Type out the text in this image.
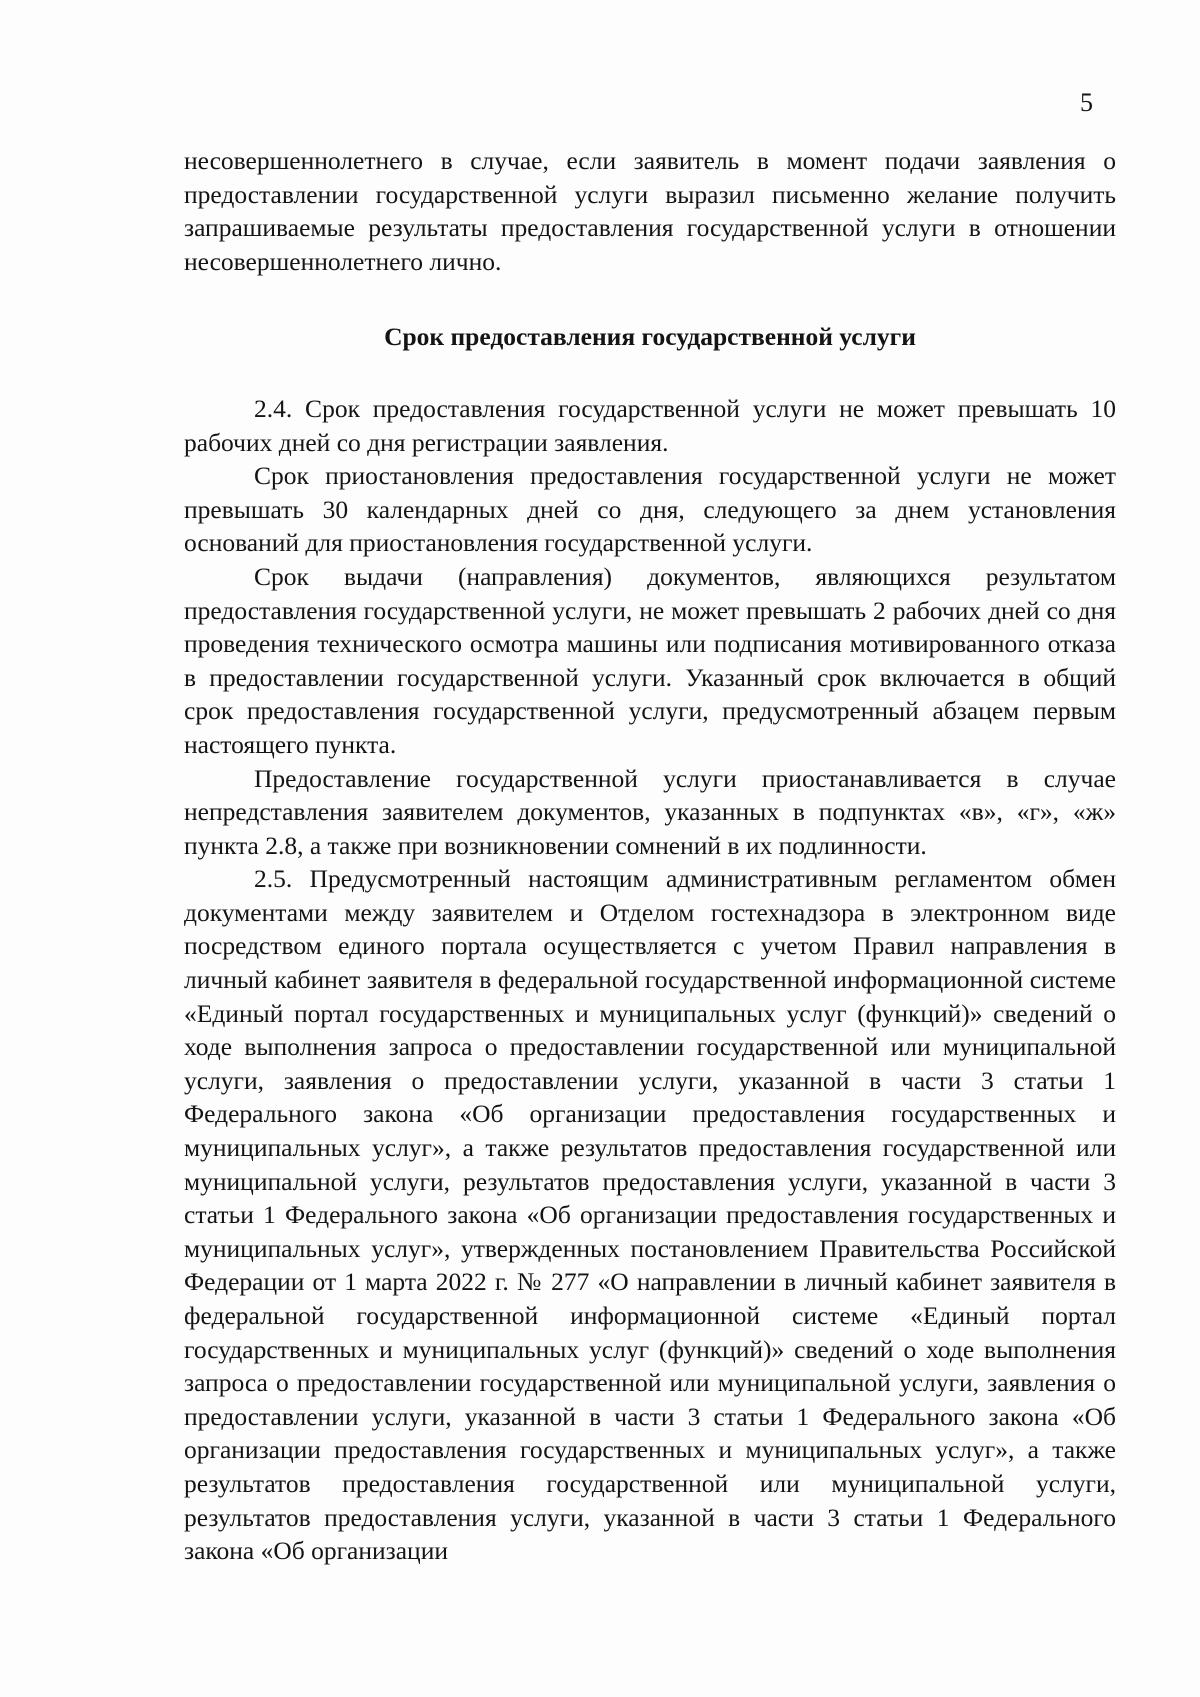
5

несовершеннолетнего в случае, если заявитель в момент подачи заявления о предоставлении государственной услуги выразил письменно желание получить запрашиваемые результаты предоставления государственной услуги в отношении несовершеннолетнего лично.

Срок предоставления государственной услуги

2.4. Срок предоставления государственной услуги не может превышать 10 рабочих дней со дня регистрации заявления.

Срок приостановления предоставления государственной услуги не может превышать 30 календарных дней со дня, следующего за днем установления оснований для приостановления государственной услуги.

Срок выдачи (направления) документов, являющихся результатом предоставления государственной услуги, не может превышать 2 рабочих дней со дня проведения технического осмотра машины или подписания мотивированного отказа в предоставлении государственной услуги. Указанный срок включается в общий срок предоставления государственной услуги, предусмотренный абзацем первым настоящего пункта.

Предоставление государственной услуги приостанавливается в случае непредставления заявителем документов, указанных в подпунктах «в», «г», «ж» пункта 2.8, а также при возникновении сомнений в их подлинности.

2.5. Предусмотренный настоящим административным регламентом обмен документами между заявителем и Отделом гостехнадзора в электронном виде посредством единого портала осуществляется с учетом Правил направления в личный кабинет заявителя в федеральной государственной информационной системе «Единый портал государственных и муниципальных услуг (функций)» сведений о ходе выполнения запроса о предоставлении государственной или муниципальной услуги, заявления о предоставлении услуги, указанной в части 3 статьи 1 Федерального закона «Об организации предоставления государственных и муниципальных услуг», а также результатов предоставления государственной или муниципальной услуги, результатов предоставления услуги, указанной в части 3 статьи 1 Федерального закона «Об организации предоставления государственных и муниципальных услуг», утвержденных постановлением Правительства Российской Федерации от 1 марта 2022 г. № 277 «О направлении в личный кабинет заявителя в федеральной государственной информационной системе «Единый портал государственных и муниципальных услуг (функций)» сведений о ходе выполнения запроса о предоставлении государственной или муниципальной услуги, заявления о предоставлении услуги, указанной в части 3 статьи 1 Федерального закона «Об организации предоставления государственных и муниципальных услуг», а также результатов предоставления государственной или муниципальной услуги, результатов предоставления услуги, указанной в части 3 статьи 1 Федерального закона «Об организации
